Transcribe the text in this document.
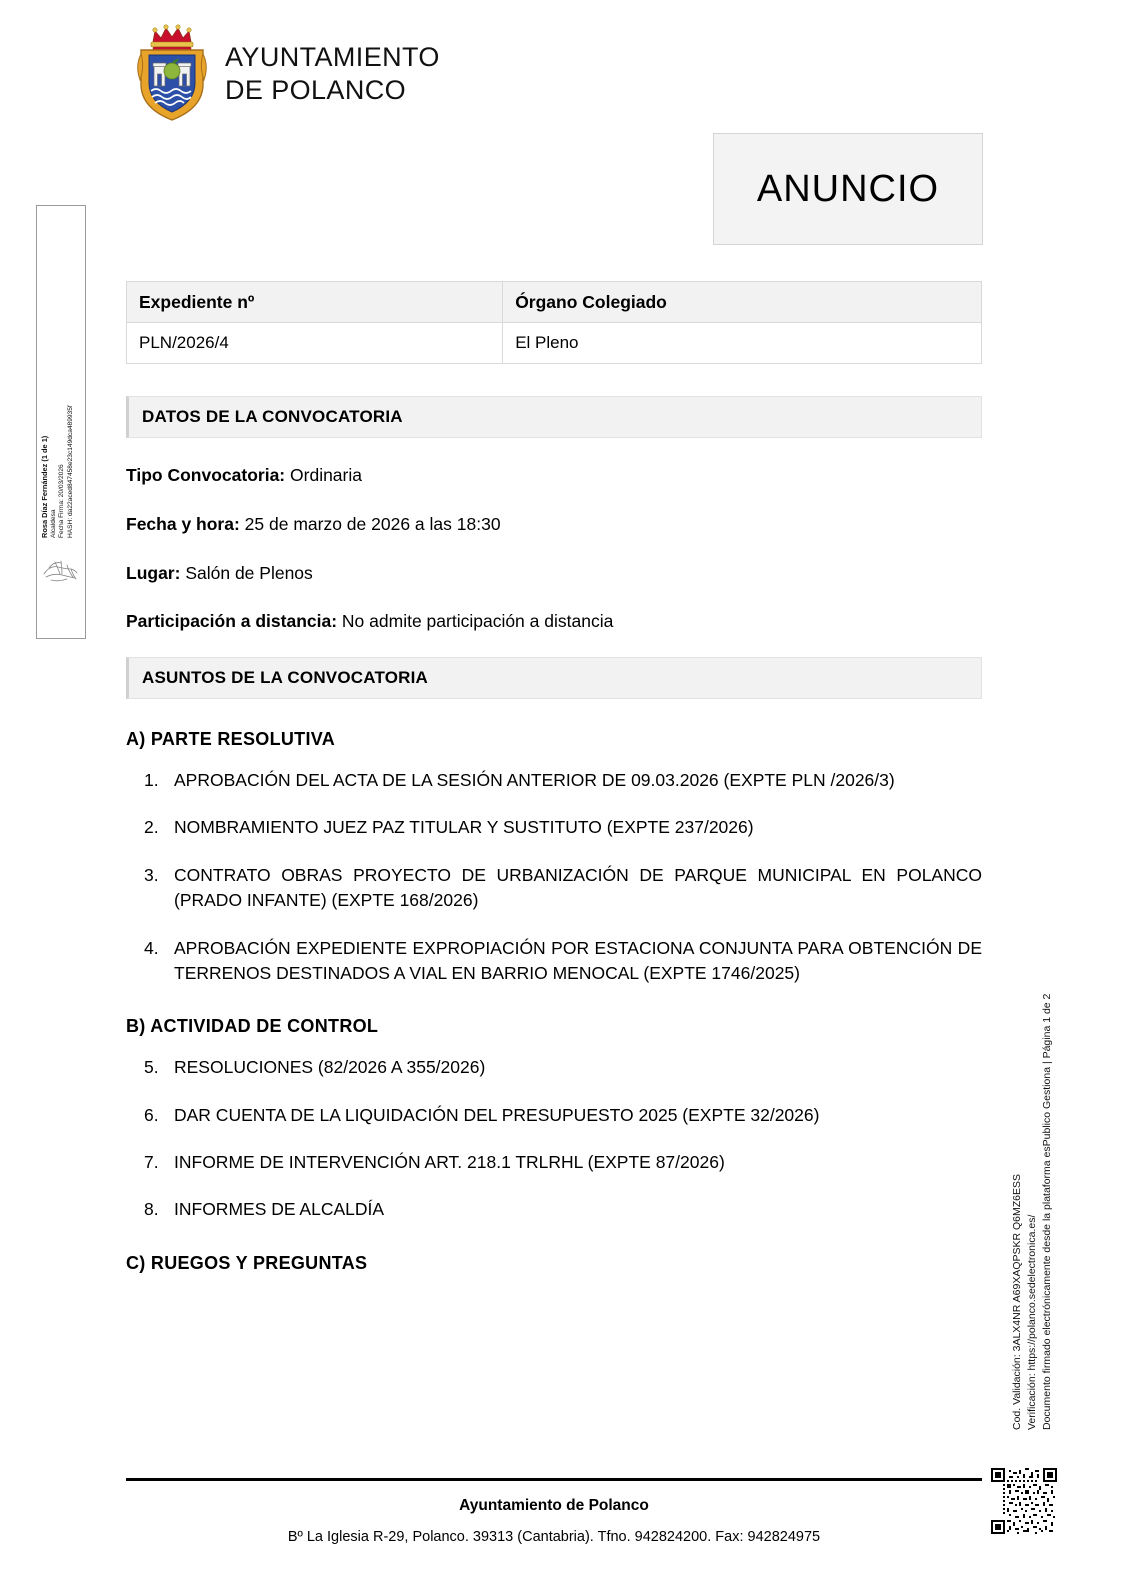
AYUNTAMIENTO
DE POLANCO
ANUNCIO
Expediente nº	Órgano Colegiado
PLN/2026/4	El Pleno
DATOS DE LA CONVOCATORIA
Tipo Convocatoria: Ordinaria
Fecha y hora: 25 de marzo de 2026 a las 18:30
Lugar: Salón de Plenos
Participación a distancia: No admite participación a distancia
ASUNTOS DE LA CONVOCATORIA
A) PARTE RESOLUTIVA
1. APROBACIÓN DEL ACTA DE LA SESIÓN ANTERIOR DE 09.03.2026 (EXPTE PLN /2026/3)
2. NOMBRAMIENTO JUEZ PAZ TITULAR Y SUSTITUTO (EXPTE 237/2026)
3. CONTRATO OBRAS PROYECTO DE URBANIZACIÓN DE PARQUE MUNICIPAL EN POLANCO (PRADO INFANTE) (EXPTE 168/2026)
4. APROBACIÓN EXPEDIENTE EXPROPIACIÓN POR ESTACIONA CONJUNTA PARA OBTENCIÓN DE TERRENOS DESTINADOS A VIAL EN BARRIO MENOCAL (EXPTE 1746/2025)
B) ACTIVIDAD DE CONTROL
5. RESOLUCIONES (82/2026 A 355/2026)
6. DAR CUENTA DE LA LIQUIDACIÓN DEL PRESUPUESTO 2025 (EXPTE 32/2026)
7. INFORME DE INTERVENCIÓN ART. 218.1 TRLRHL (EXPTE 87/2026)
8. INFORMES DE ALCALDÍA
C) RUEGOS Y PREGUNTAS
Ayuntamiento de Polanco
Bº La Iglesia R-29, Polanco. 39313 (Cantabria). Tfno. 942824200. Fax: 942824975
Rosa Díaz Fernández (1 de 1) Alcaldesa Fecha Firma: 20/03/2026 HASH: da22aced847458e23c149dca489935f
Cod. Validación: 3ALX4NR A69XAQPSKR Q6MZ6ESS Verificación: https://polanco.sedelectronica.es/ Documento firmado electrónicamente desde la plataforma esPublico Gestiona | Página 1 de 2
